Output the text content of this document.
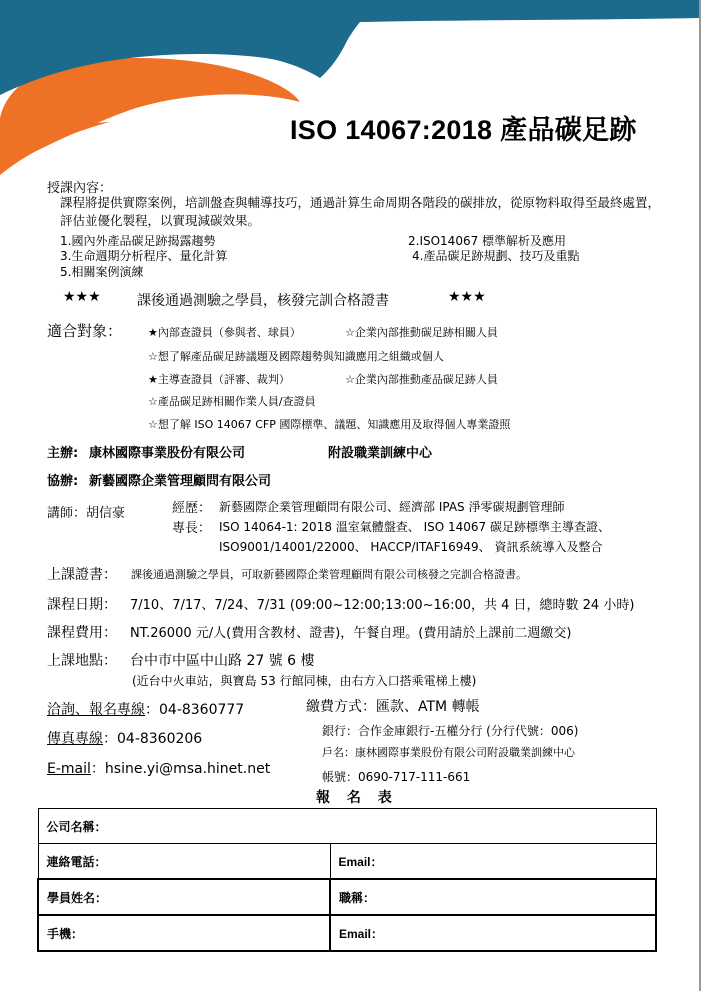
ISO 14067:2018 產品碳足跡
授課內容：
課程將提供實際案例，培訓盤查與輔導技巧，通過計算生命周期各階段的碳排放，從原物料取得至最終處置，評估並優化製程，以實現減碳效果。
1.國內外產品碳足跡揭露趨勢	2.ISO14067 標準解析及應用
3.生命週期分析程序、量化計算	4.產品碳足跡規劃、技巧及重點
5.相關案例演練
★★★	課後通過測驗之學員，核發完訓合格證書	★★★
適合對象： ★內部查證員（參與者、球員）	☆企業內部推動碳足跡相關人員
☆想了解產品碳足跡議題及國際趨勢與知識應用之組織或個人
★主導查證員（評審、裁判）	☆企業內部推動產品碳足跡人員
☆產品碳足跡相關作業人員/查證員
☆想了解 ISO 14067 CFP 國際標準、議題、知識應用及取得個人專業證照
主辦: 康林國際事業股份有限公司	附設職業訓練中心
協辦: 新藝國際企業管理顧問有限公司
講師：胡信豪	經歷： 新藝國際企業管理顧問有限公司、經濟部 IPAS 淨零碳規劃管理師
專長： ISO 14064-1: 2018 溫室氣體盤查、 ISO 14067 碳足跡標準主導查證、
ISO9001/14001/22000、 HACCP/ITAF16949、 資訊系統導入及整合
上課證書： 課後通過測驗之學員，可取新藝國際企業管理顧問有限公司核發之完訓合格證書。
課程日期： 7/10、7/17、7/24、7/31 (09:00~12:00;13:00~16:00，共 4 日，總時數 24 小時)
課程費用： NT.26000 元/人(費用含教材、證書)，午餐自理。(費用請於上課前二週繳交)
上課地點： 台中市中區中山路 27 號 6 樓
(近台中火車站，與寶島 53 行館同棟，由右方入口搭乘電梯上樓)
洽詢、報名專線：04-8360777
傳真專線：04-8360206
E-mail：hsine.yi@msa.hinet.net
繳費方式：匯款、ATM 轉帳
銀行：合作金庫銀行-五權分行 (分行代號：006)
戶名：康林國際事業股份有限公司附設職業訓練中心
帳號：0690-717-111-661
報 名 表
公司名稱：	
連絡電話：	Email：
學員姓名：	職稱：
手機：	Email：
